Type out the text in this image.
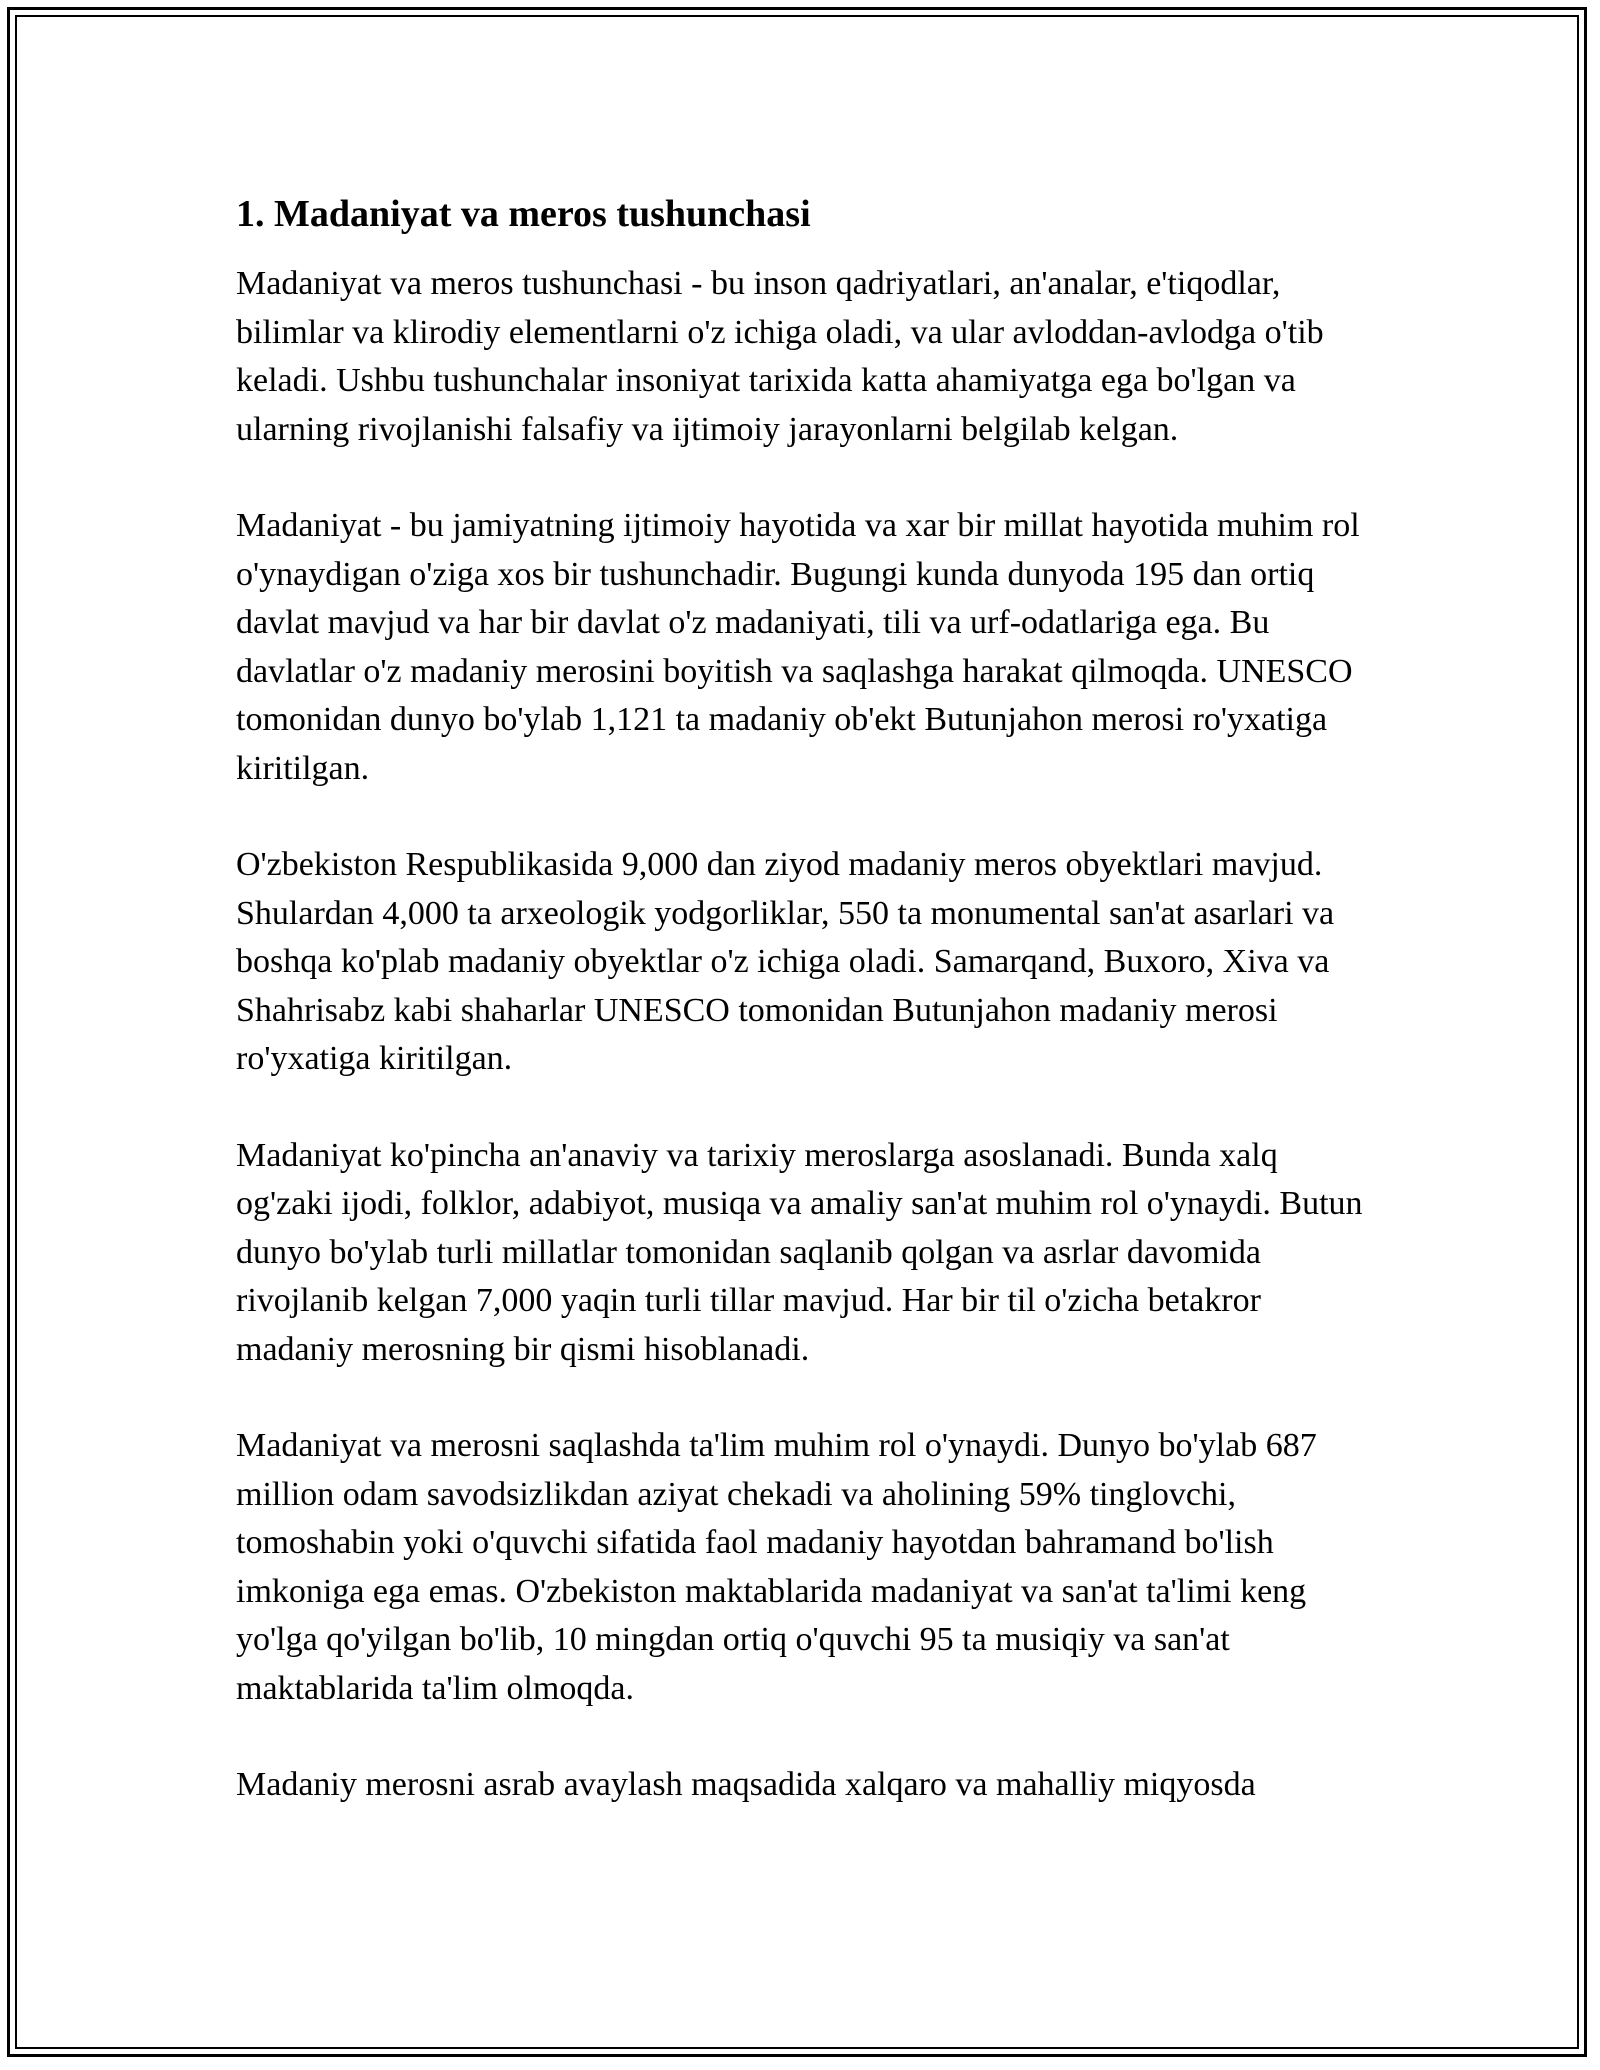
1. Madaniyat va meros tushunchasi

Madaniyat va meros tushunchasi - bu inson qadriyatlari, an'analar, e'tiqodlar, bilimlar va klirodiy elementlarni o'z ichiga oladi, va ular avloddan-avlodga o'tib keladi. Ushbu tushunchalar insoniyat tarixida katta ahamiyatga ega bo'lgan va ularning rivojlanishi falsafiy va ijtimoiy jarayonlarni belgilab kelgan.

Madaniyat - bu jamiyatning ijtimoiy hayotida va xar bir millat hayotida muhim rol o'ynaydigan o'ziga xos bir tushunchadir. Bugungi kunda dunyoda 195 dan ortiq davlat mavjud va har bir davlat o'z madaniyati, tili va urf-odatlariga ega. Bu davlatlar o'z madaniy merosini boyitish va saqlashga harakat qilmoqda. UNESCO tomonidan dunyo bo'ylab 1,121 ta madaniy ob'ekt Butunjahon merosi ro'yxatiga kiritilgan.

O'zbekiston Respublikasida 9,000 dan ziyod madaniy meros obyektlari mavjud. Shulardan 4,000 ta arxeologik yodgorliklar, 550 ta monumental san'at asarlari va boshqa ko'plab madaniy obyektlar o'z ichiga oladi. Samarqand, Buxoro, Xiva va Shahrisabz kabi shaharlar UNESCO tomonidan Butunjahon madaniy merosi ro'yxatiga kiritilgan.

Madaniyat ko'pincha an'anaviy va tarixiy meroslarga asoslanadi. Bunda xalq og'zaki ijodi, folklor, adabiyot, musiqa va amaliy san'at muhim rol o'ynaydi. Butun dunyo bo'ylab turli millatlar tomonidan saqlanib qolgan va asrlar davomida rivojlanib kelgan 7,000 yaqin turli tillar mavjud. Har bir til o'zicha betakror madaniy merosning bir qismi hisoblanadi.

Madaniyat va merosni saqlashda ta'lim muhim rol o'ynaydi. Dunyo bo'ylab 687 million odam savodsizlikdan aziyat chekadi va aholining 59% tinglovchi, tomoshabin yoki o'quvchi sifatida faol madaniy hayotdan bahramand bo'lish imkoniga ega emas. O'zbekiston maktablarida madaniyat va san'at ta'limi keng yo'lga qo'yilgan bo'lib, 10 mingdan ortiq o'quvchi 95 ta musiqiy va san'at maktablarida ta'lim olmoqda.

Madaniy merosni asrab avaylash maqsadida xalqaro va mahalliy miqyosda
